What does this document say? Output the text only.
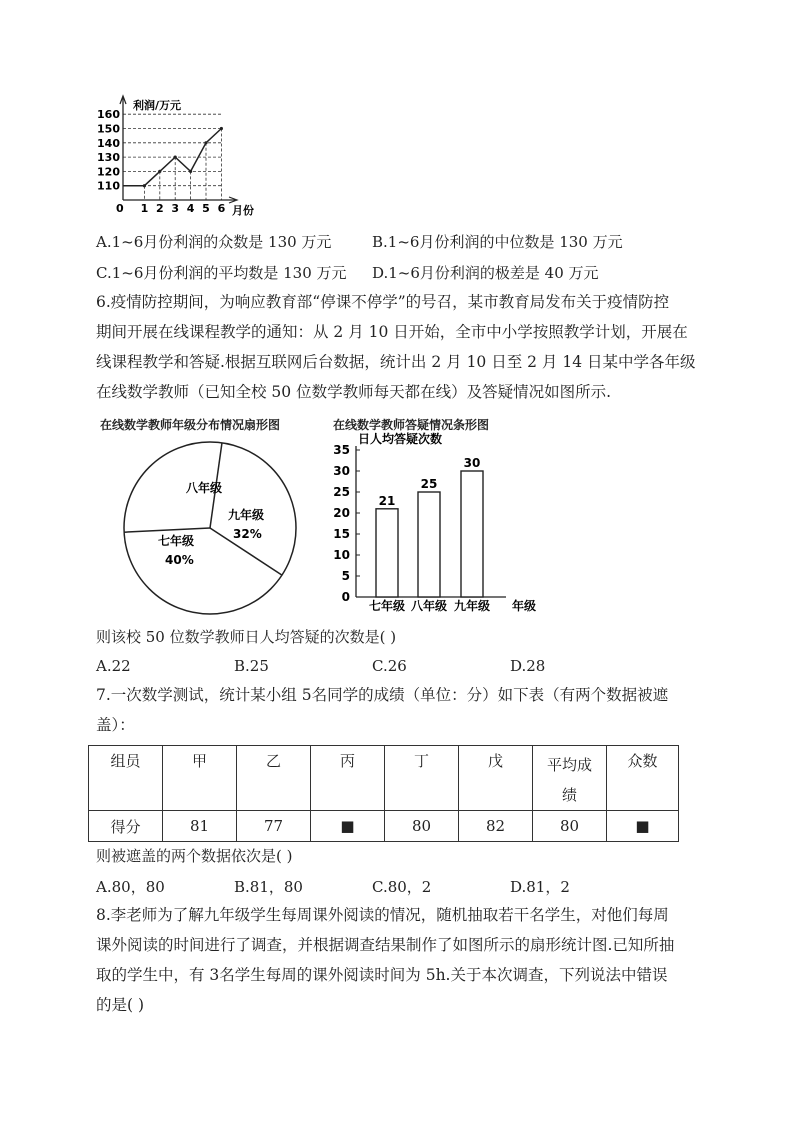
利润/万元
月份
0
160
150
140
130
120
110
1 2 3 4 5 6
A.1~6月份利润的众数是 130 万元	B.1~6月份利润的中位数是 130 万元
C.1~6月份利润的平均数是 130 万元 D.1~6月份利润的极差是 40 万元
6.疫情防控期间，为响应教育部“停课不停学”的号召，某市教育局发布关于疫情防控
期间开展在线课程教学的通知：从 2 月 10 日开始，全市中小学按照教学计划，开展在
线课程教学和答疑.根据互联网后台数据，统计出 2 月 10 日至 2 月 14 日某中学各年级
在线数学教师（已知全校 50 位数学教师每天都在线）及答疑情况如图所示.
在线数学教师年级分布情况扇形图
八年级
九年级
32%
七年级
40%
在线数学教师答疑情况条形图
日人均答疑次数
35
30
25
20
15
10
5
0
年级
21
七年级
25
八年级
30
九年级
则该校 50 位数学教师日人均答疑的次数是( )
A.22	B.25	C.26	D.28
7.一次数学测试，统计某小组 5名同学的成绩（单位：分）如下表（有两个数据被遮
盖）：
组员	甲	乙	丙	丁	戊	平均成
绩	众数
得分	81	77	■	80	82	80	■
则被遮盖的两个数据依次是( )
A.80，80	B.81，80	C.80，2	D.81，2
8.李老师为了解九年级学生每周课外阅读的情况，随机抽取若干名学生，对他们每周
课外阅读的时间进行了调查，并根据调查结果制作了如图所示的扇形统计图.已知所抽
取的学生中，有 3名学生每周的课外阅读时间为 5h.关于本次调查，下列说法中错误
的是( )
